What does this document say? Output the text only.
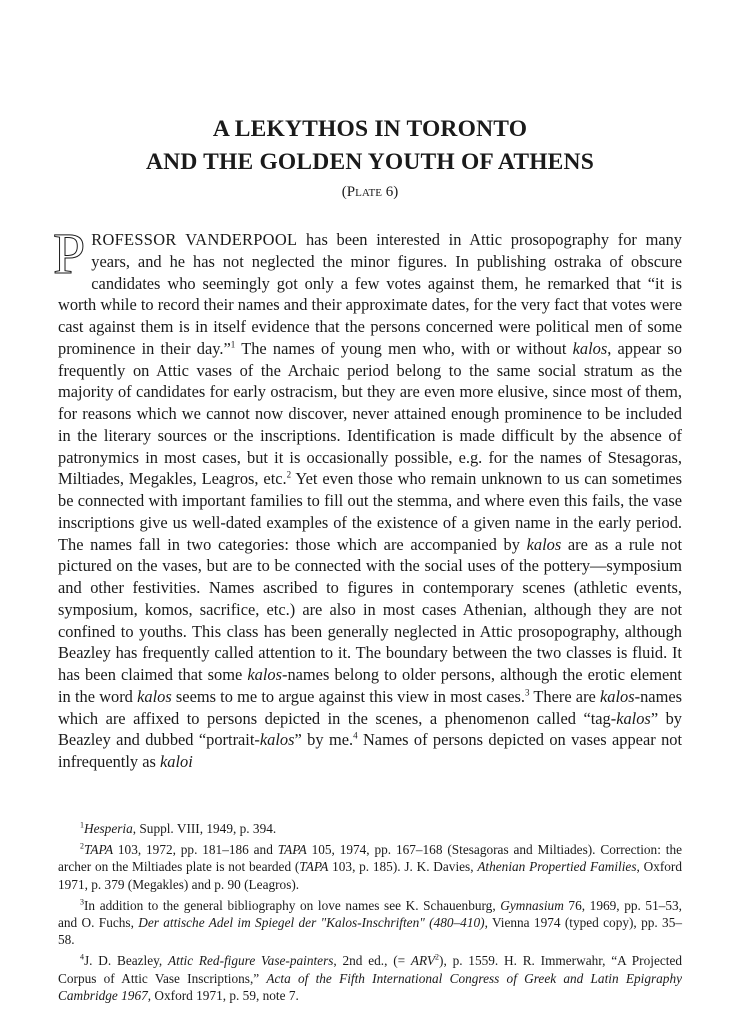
A LEKYTHOS IN TORONTO
AND THE GOLDEN YOUTH OF ATHENS
(Plate 6)

PROFESSOR VANDERPOOL has been interested in Attic prosopography for many years, and he has not neglected the minor figures. In publishing ostraka of obscure candidates who seemingly got only a few votes against them, he remarked that “it is worth while to record their names and their approximate dates, for the very fact that votes were cast against them is in itself evidence that the persons concerned were political men of some prominence in their day.”$^1$ The names of young men who, with or without kalos, appear so frequently on Attic vases of the Archaic period belong to the same social stratum as the majority of candidates for early ostracism, but they are even more elusive, since most of them, for reasons which we cannot now discover, never attained enough prominence to be included in the literary sources or the inscriptions. Identification is made difficult by the absence of patronymics in most cases, but it is occasionally possible, e.g. for the names of Stesagoras, Miltiades, Megakles, Leagros, etc.$^2$ Yet even those who remain unknown to us can sometimes be connected with important families to fill out the stemma, and where even this fails, the vase inscriptions give us well-dated examples of the existence of a given name in the early period. The names fall in two categories: those which are accompanied by kalos are as a rule not pictured on the vases, but are to be connected with the social uses of the pottery—symposium and other festivities. Names ascribed to figures in contemporary scenes (athletic events, symposium, komos, sacrifice, etc.) are also in most cases Athenian, although they are not confined to youths. This class has been generally neglected in Attic prosopography, although Beazley has frequently called attention to it. The boundary between the two classes is fluid. It has been claimed that some kalos-names belong to older persons, although the erotic element in the word kalos seems to me to argue against this view in most cases.$^3$ There are kalos-names which are affixed to persons depicted in the scenes, a phenomenon called “tag-kalos” by Beazley and dubbed “portrait-kalos” by me.$^4$ Names of persons depicted on vases appear not infrequently as kaloi

$^1$Hesperia, Suppl. VIII, 1949, p. 394.

$^2$TAPA 103, 1972, pp. 181–186 and TAPA 105, 1974, pp. 167–168 (Stesagoras and Miltiades). Correction: the archer on the Miltiades plate is not bearded (TAPA 103, p. 185). J. K. Davies, Athenian Propertied Families, Oxford 1971, p. 379 (Megakles) and p. 90 (Leagros).

$^3$In addition to the general bibliography on love names see K. Schauenburg, Gymnasium 76, 1969, pp. 51–53, and O. Fuchs, Der attische Adel im Spiegel der "Kalos-Inschriften" (480–410), Vienna 1974 (typed copy), pp. 35–58.

$^4$J. D. Beazley, Attic Red-figure Vase-painters, 2nd ed., (= $ARV^2$), p. 1559. H. R. Immerwahr, “A Projected Corpus of Attic Vase Inscriptions,” Acta of the Fifth International Congress of Greek and Latin Epigraphy Cambridge 1967, Oxford 1971, p. 59, note 7.
